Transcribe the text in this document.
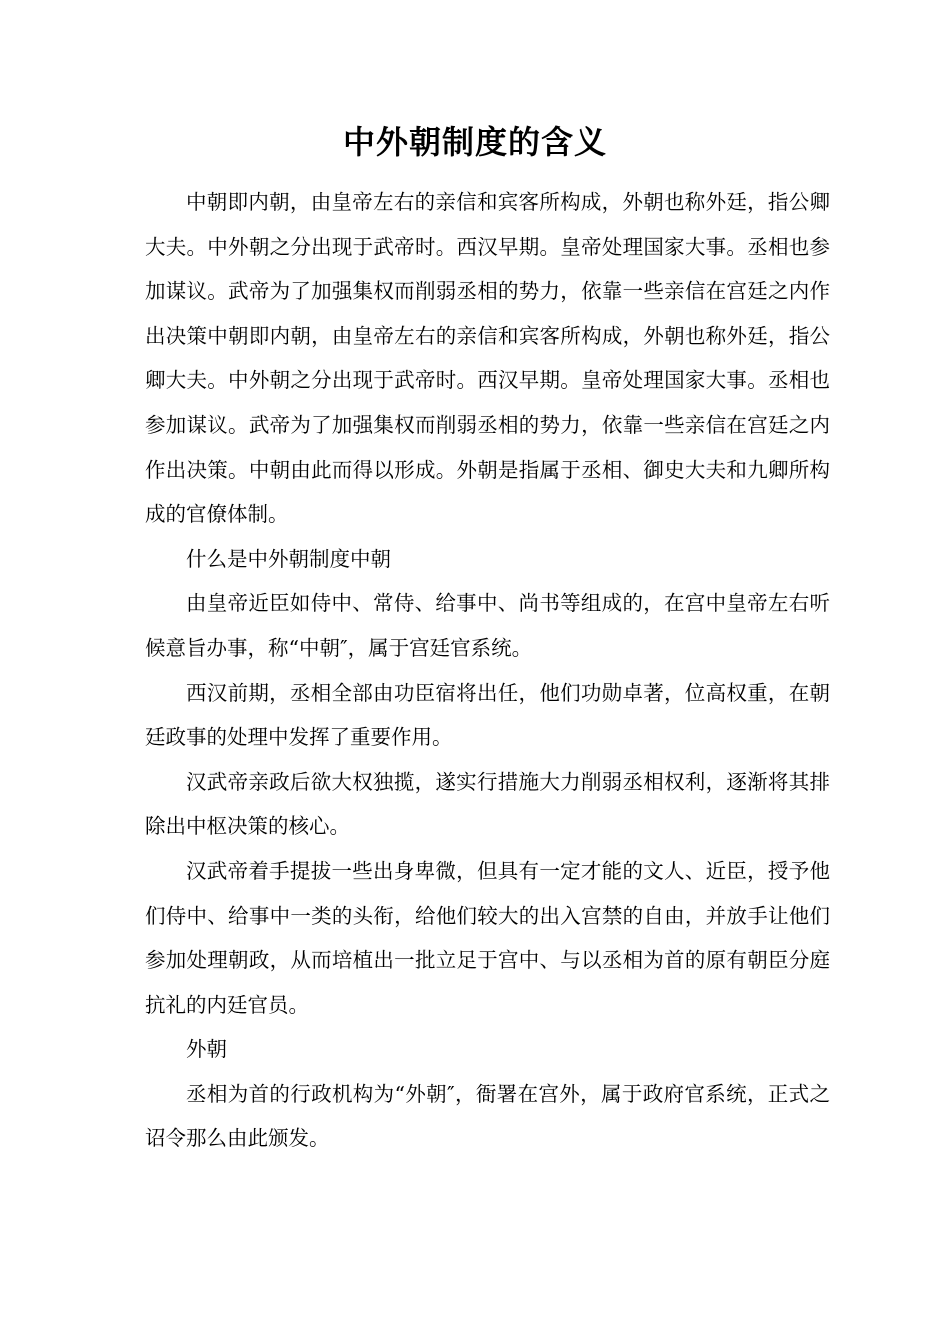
中外朝制度的含义

中朝即内朝，由皇帝左右的亲信和宾客所构成，外朝也称外廷，指公卿大夫。中外朝之分出现于武帝时。西汉早期。皇帝处理国家大事。丞相也参加谋议。武帝为了加强集权而削弱丞相的势力，依靠一些亲信在宫廷之内作出决策中朝即内朝，由皇帝左右的亲信和宾客所构成，外朝也称外廷，指公卿大夫。中外朝之分出现于武帝时。西汉早期。皇帝处理国家大事。丞相也参加谋议。武帝为了加强集权而削弱丞相的势力，依靠一些亲信在宫廷之内作出决策。中朝由此而得以形成。外朝是指属于丞相、御史大夫和九卿所构成的官僚体制。

什么是中外朝制度中朝

由皇帝近臣如侍中、常侍、给事中、尚书等组成的，在宫中皇帝左右听候意旨办事，称“中朝″，属于宫廷官系统。

西汉前期，丞相全部由功臣宿将出任，他们功勋卓著，位高权重，在朝廷政事的处理中发挥了重要作用。

汉武帝亲政后欲大权独揽，遂实行措施大力削弱丞相权利，逐渐将其排除出中枢决策的核心。

汉武帝着手提拔一些出身卑微，但具有一定才能的文人、近臣，授予他们侍中、给事中一类的头衔，给他们较大的出入宫禁的自由，并放手让他们参加处理朝政，从而培植出一批立足于宫中、与以丞相为首的原有朝臣分庭抗礼的内廷官员。

外朝

丞相为首的行政机构为“外朝″，衙署在宫外，属于政府官系统，正式之诏令那么由此颁发。
